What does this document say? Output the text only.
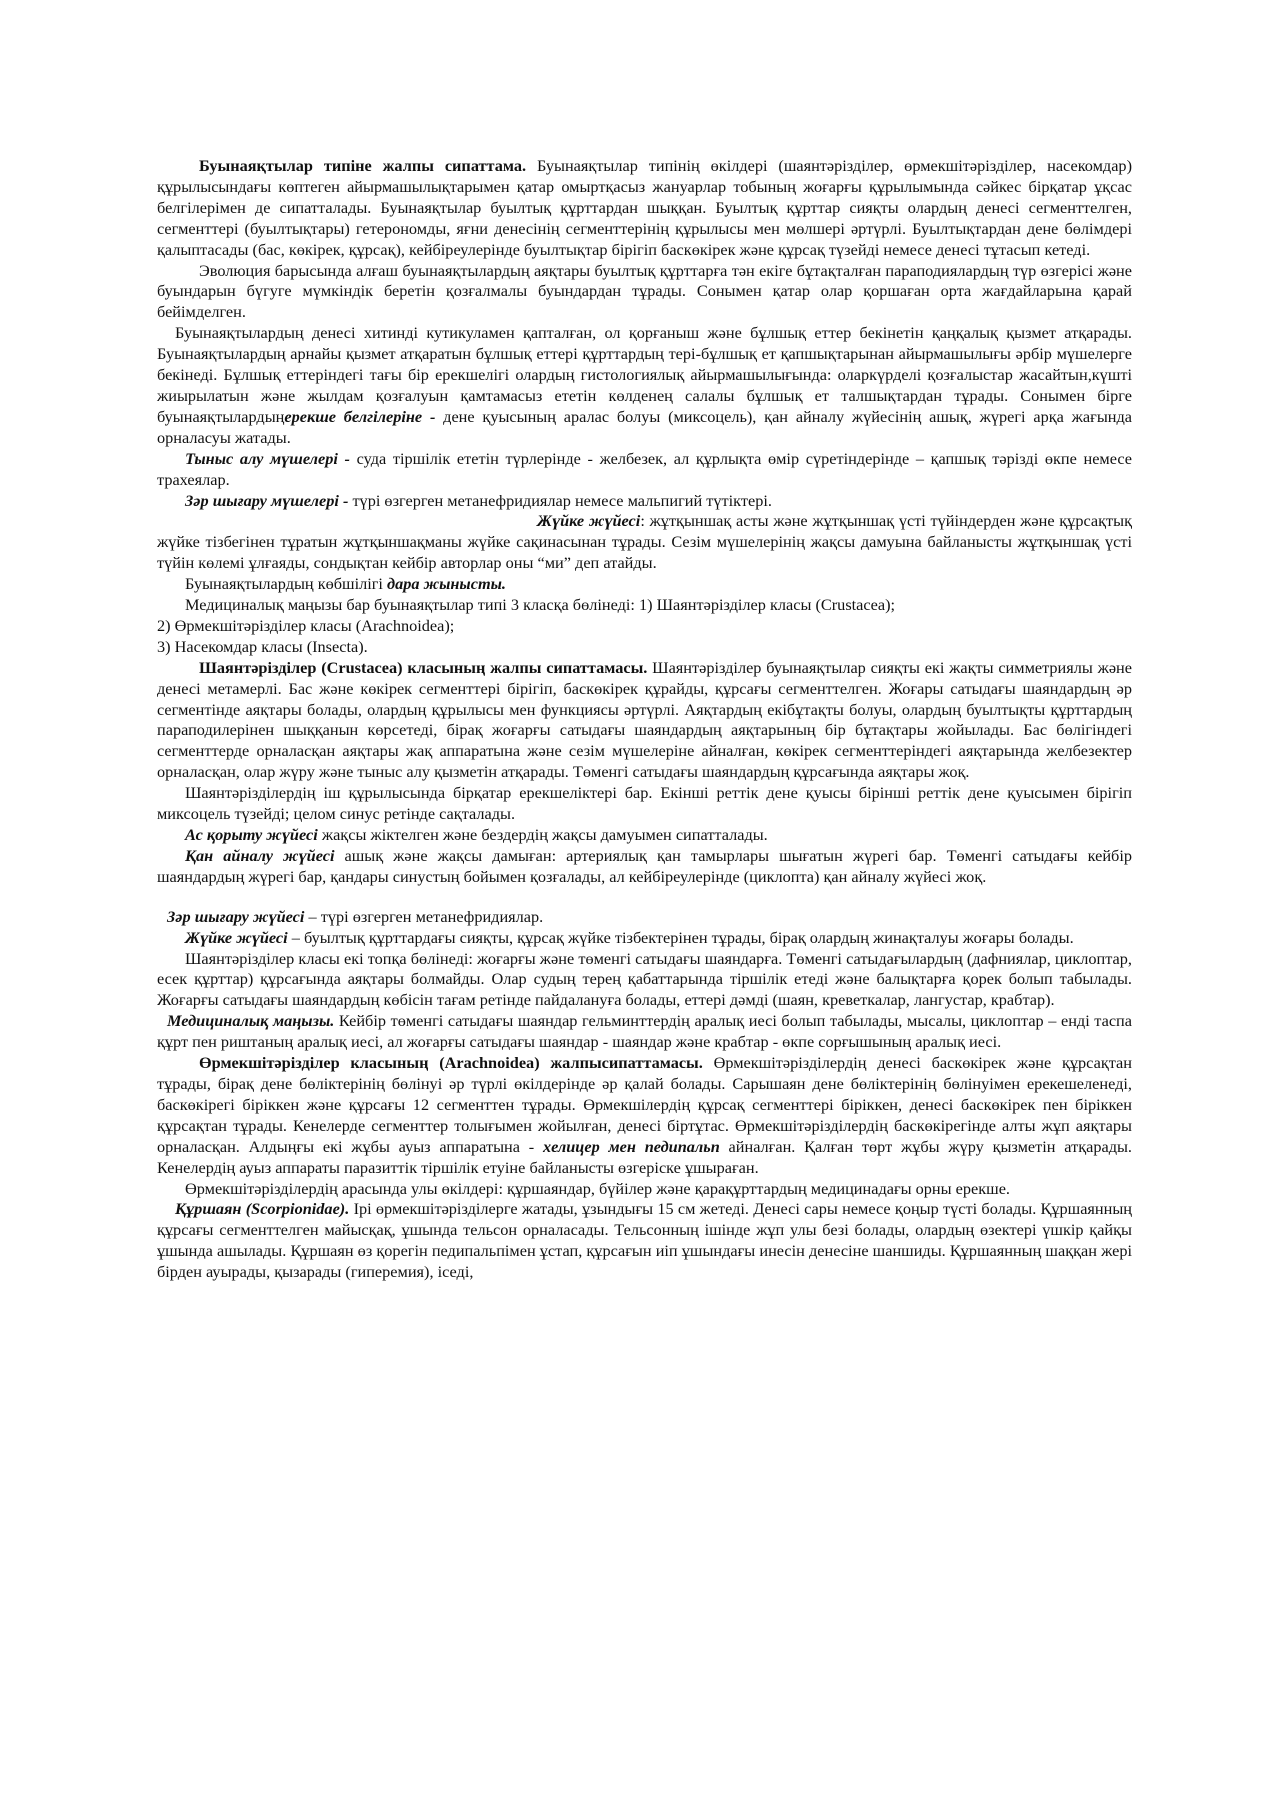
Буынаяқтылар типіне жалпы сипаттама. Буынаяқтылар типінің өкілдері (шаянтәрізділер, өрмекшітәрізділер, насекомдар) құрылысындағы көптеген айырмашылықтарымен қатар омыртқасыз жануарлар тобының жоғарғы құрылымында сәйкес бірқатар ұқсас белгілерімен де сипатталады. Буынаяқтылар буылтық құрттардан шыққан. Буылтық құрттар сияқты олардың денесі сегменттелген, сегменттері (буылтықтары) гетерономды, яғни денесінің сегменттерінің құрылысы мен мөлшері әртүрлі. Буылтықтардан дене бөлімдері қалыптасады (бас, көкірек, құрсақ), кейбіреулерінде буылтықтар бірігіп баскөкірек және құрсақ түзейді немесе денесі тұтасып кетеді.

Эволюция барысында алғаш буынаяқтылардың аяқтары буылтық құрттарға тән екіге бұтақталған параподиялардың түр өзгерісі және буындарын бүгуге мүмкіндік беретін қозғалмалы буындардан тұрады. Сонымен қатар олар қоршаған орта жағдайларына қарай бейімделген.

Буынаяқтылардың денесі хитинді кутикуламен қапталған, ол қорғаныш және бұлшық еттер бекінетін қаңқалық қызмет атқарады. Буынаяқтылардың арнайы қызмет атқаратын бұлшық еттері құрттардың тері-бұлшық ет қапшықтарынан айырмашылығы әрбір мүшелерге бекінеді. Бұлшық еттеріндегі тағы бір ерекшелігі олардың гистологиялық айырмашылығында: оларкүрделі қозғалыстар жасайтын,күшті жиырылатын және жылдам қозғалуын қамтамасыз ететін көлденең салалы бұлшық ет талшықтардан тұрады. Сонымен бірге буынаяқтылардыңерекше белгілеріне - дене қуысының аралас болуы (миксоцель), қан айналу жүйесінің ашық, жүрегі арқа жағында орналасуы жатады.

Тыныс алу мүшелері - суда тіршілік ететін түрлерінде - желбезек, ал құрлықта өмір сүретіндерінде – қапшық тәрізді өкпе немесе трахеялар.

Зәр шығару мүшелері - түрі өзгерген метанефридиялар немесе мальпигий түтіктері.

Жүйке жүйесі: жұтқыншақ асты және жұтқыншақ үсті түйіндерден және құрсақтық жүйке тізбегінен тұратын жұтқыншақманы жүйке сақинасынан тұрады. Сезім мүшелерінің жақсы дамуына байланысты жұтқыншақ үсті түйін көлемі ұлғаяды, сондықтан кейбір авторлар оны “ми” деп атайды.

Буынаяқтылардың көбшілігі дара жынысты.

Медициналық маңызы бар буынаяқтылар типі 3 класқа бөлінеді: 1) Шаянтәрізділер класы (Crustacea);

2) Өрмекшітәрізділер класы (Arachnoidea);

3) Насекомдар класы (Insecta).

Шаянтәрізділер (Crustacea) класының жалпы сипаттамасы. Шаянтәрізділер буынаяқтылар сияқты екі жақты симметриялы және денесі метамерлі. Бас және көкірек сегменттері бірігіп, баскөкірек құрайды, құрсағы сегменттелген. Жоғары сатыдағы шаяндардың әр сегментінде аяқтары болады, олардың құрылысы мен функциясы әртүрлі. Аяқтардың екібұтақты болуы, олардың буылтықты құрттардың параподилерінен шыққанын көрсетеді, бірақ жоғарғы сатыдағы шаяндардың аяқтарының бір бұтақтары жойылады. Бас бөлігіндегі сегменттерде орналасқан аяқтары жақ аппаратына және сезім мүшелеріне айналған, көкірек сегменттеріндегі аяқтарында желбезектер орналасқан, олар жүру және тыныс алу қызметін атқарады. Төменгі сатыдағы шаяндардың құрсағында аяқтары жоқ.

Шаянтәрізділердің іш құрылысында бірқатар ерекшеліктері бар. Екінші реттік дене қуысы бірінші реттік дене қуысымен бірігіп миксоцель түзейді; целом синус ретінде сақталады.

Ас қорыту жүйесі жақсы жіктелген және бездердің жақсы дамуымен сипатталады.

Қан айналу жүйесі ашық және жақсы дамыған: артериялық қан тамырлары шығатын жүрегі бар. Төменгі сатыдағы кейбір шаяндардың жүрегі бар, қандары синустың бойымен қозғалады, ал кейбіреулерінде (циклопта) қан айналу жүйесі жоқ.

Зәр шығару жүйесі – түрі өзгерген метанефридиялар.

Жүйке жүйесі – буылтық құрттардағы сияқты, құрсақ жүйке тізбектерінен тұрады, бірақ олардың жинақталуы жоғары болады.

Шаянтәрізділер класы екі топқа бөлінеді: жоғарғы және төменгі сатыдағы шаяндарға. Төменгі сатыдағылардың (дафниялар, циклоптар, есек құрттар) құрсағында аяқтары болмайды. Олар судың терең қабаттарында тіршілік етеді және балықтарға қорек болып табылады. Жоғарғы сатыдағы шаяндардың көбісін тағам ретінде пайдалануға болады, еттері дәмді (шаян, креветкалар, лангустар, крабтар).

Медициналық маңызы. Кейбір төменгі сатыдағы шаяндар гельминттердің аралық иесі болып табылады, мысалы, циклоптар – енді таспа құрт пен риштаның аралық иесі, ал жоғарғы сатыдағы шаяндар - шаяндар және крабтар - өкпе сорғышының аралық иесі.

Өрмекшітәрізділер класының (Arachnoidea) жалпысипаттамасы. Өрмекшітәрізділердің денесі баскөкірек және құрсақтан тұрады, бірақ дене бөліктерінің бөлінуі әр түрлі өкілдерінде әр қалай болады. Сарышаян дене бөліктерінің бөлінуімен ерекешеленеді, баскөкірегі біріккен және құрсағы 12 сегменттен тұрады. Өрмекшілердің құрсақ сегменттері біріккен, денесі баскөкірек пен біріккен құрсақтан тұрады. Кенелерде сегменттер толығымен жойылған, денесі біртұтас. Өрмекшітәрізділердің баскөкірегінде алты жұп аяқтары орналасқан. Алдыңғы екі жұбы ауыз аппаратына - хелицер мен педипальп айналған. Қалған төрт жұбы жүру қызметін атқарады. Кенелердің ауыз аппараты паразиттік тіршілік етуіне байланысты өзгеріске ұшыраған.

Өрмекшітәрізділердің арасында улы өкілдері: құршаяндар, бүйілер және қарақұрттардың медицинадағы орны ерекше.

Құршаян (Scorpionidae). Ірі өрмекшітәрізділерге жатады, ұзындығы 15 см жетеді. Денесі сары немесе қоңыр түсті болады. Құршаянның құрсағы сегменттелген майысқақ, ұшында тельсон орналасады. Тельсонның ішінде жұп улы безі болады, олардың өзектері үшкір қайқы ұшында ашылады. Құршаян өз қорегін педипальпімен ұстап, құрсағын иіп ұшындағы инесін денесіне шаншиды. Құршаянның шаққан жері бірден ауырады, қызарады (гиперемия), іседі,
